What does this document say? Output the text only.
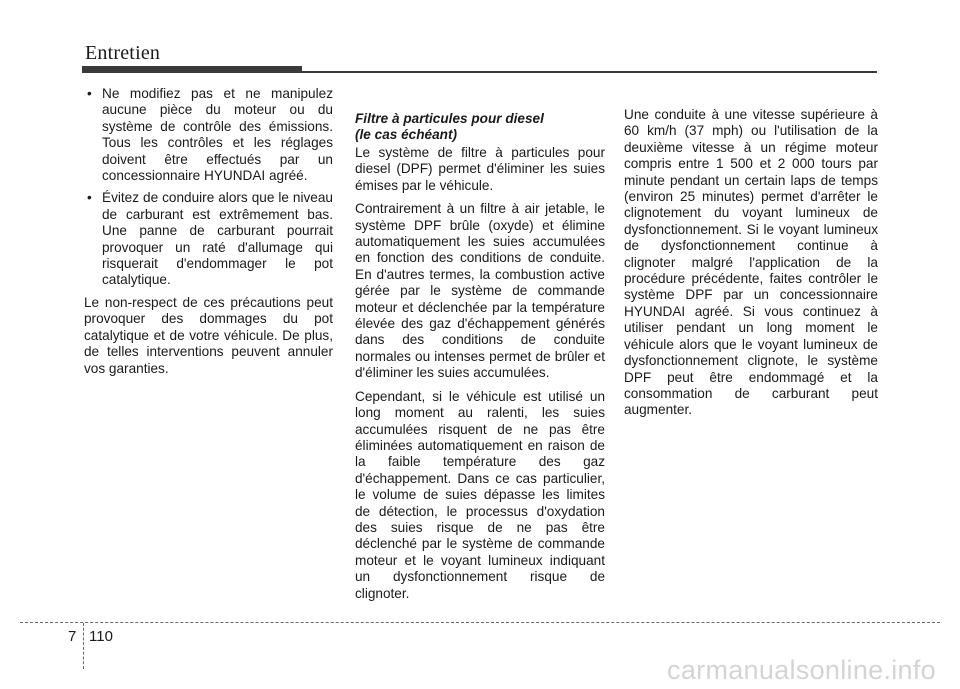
Entretien
• Ne modifiez pas et ne manipulez aucune pièce du moteur ou du système de contrôle des émissions. Tous les contrôles et les réglages doivent être effectués par un concessionnaire HYUNDAI agréé.
• Évitez de conduire alors que le niveau de carburant est extrêmement bas. Une panne de carburant pourrait provoquer un raté d'allumage qui risquerait d'endommager le pot catalytique.

Le non-respect de ces précautions peut provoquer des dommages du pot catalytique et de votre véhicule. De plus, de telles interventions peuvent annuler vos garanties.

Filtre à particules pour diesel
(le cas échéant)

Le système de filtre à particules pour diesel (DPF) permet d'éliminer les suies émises par le véhicule.

Contrairement à un filtre à air jetable, le système DPF brûle (oxyde) et élimine automatiquement les suies accumulées en fonction des conditions de conduite. En d'autres termes, la combustion active gérée par le système de commande moteur et déclenchée par la température élevée des gaz d'échappement générés dans des conditions de conduite normales ou intenses permet de brûler et d'éliminer les suies accumulées.

Cependant, si le véhicule est utilisé un long moment au ralenti, les suies accumulées risquent de ne pas être éliminées automatiquement en raison de la faible température des gaz d'échappement. Dans ce cas particulier, le volume de suies dépasse les limites de détection, le processus d'oxydation des suies risque de ne pas être déclenché par le système de commande moteur et le voyant lumineux indiquant un dysfonctionnement risque de clignoter.

Une conduite à une vitesse supérieure à 60 km/h (37 mph) ou l'utilisation de la deuxième vitesse à un régime moteur compris entre 1 500 et 2 000 tours par minute pendant un certain laps de temps (environ 25 minutes) permet d'arrêter le clignotement du voyant lumineux de dysfonctionnement. Si le voyant lumineux de dysfonctionnement continue à clignoter malgré l'application de la procédure précédente, faites contrôler le système DPF par un concessionnaire HYUNDAI agréé. Si vous continuez à utiliser pendant un long moment le véhicule alors que le voyant lumineux de dysfonctionnement clignote, le système DPF peut être endommagé et la consommation de carburant peut augmenter.

7 110
carmanualsonline.info
